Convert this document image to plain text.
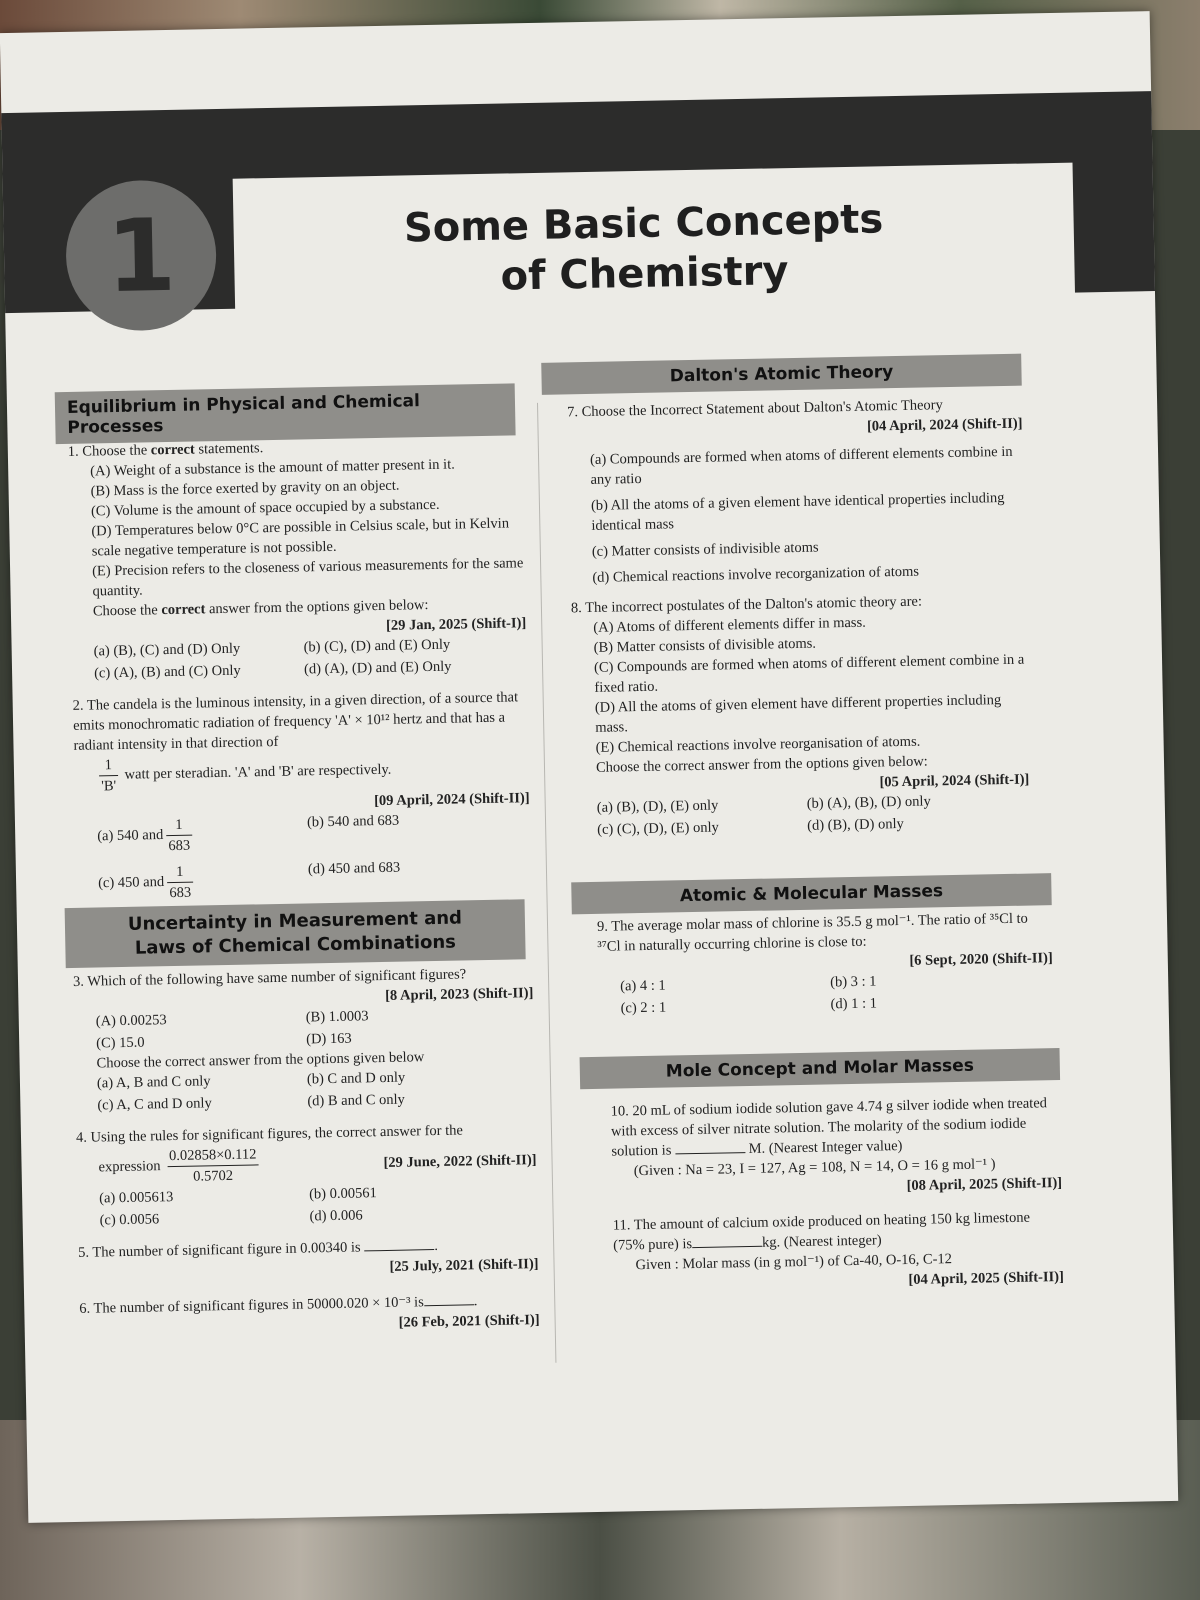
1	Some Basic Concepts
of Chemistry
Equilibrium in Physical and Chemical Processes
1. Choose the correct statements.
(A) Weight of a substance is the amount of matter present in it.
(B) Mass is the force exerted by gravity on an object.
(C) Volume is the amount of space occupied by a substance.
(D) Temperatures below 0°C are possible in Celsius scale, but in Kelvin scale negative temperature is not possible.
(E) Precision refers to the closeness of various measurements for the same quantity.
Choose the correct answer from the options given below:
[29 Jan, 2025 (Shift-I)]
(a) (B), (C) and (D) Only	(b) (C), (D) and (E) Only
(c) (A), (B) and (C) Only	(d) (A), (D) and (E) Only
2. The candela is the luminous intensity, in a given direction, of a source that emits monochromatic radiation of frequency 'A' × 10¹² hertz and that has a radiant intensity in that direction of
$\frac{1}{'B'}$ watt per steradian. 'A' and 'B' are respectively.
[09 April, 2024 (Shift-II)]
(a) 540 and $\frac{1}{683}$	(b) 540 and 683
(c) 450 and $\frac{1}{683}$	(d) 450 and 683
Uncertainty in Measurement and
Laws of Chemical Combinations
3. Which of the following have same number of significant figures?
[8 April, 2023 (Shift-II)]
(A) 0.00253	(B) 1.0003
(C) 15.0	(D) 163
Choose the correct answer from the options given below
(a) A, B and C only	(b) C and D only
(c) A, C and D only	(d) B and C only
4. Using the rules for significant figures, the correct answer for the
expression $\frac{0.02858\times 0.112}{0.5702}$	[29 June, 2022 (Shift-II)]
(a) 0.005613	(b) 0.00561
(c) 0.0056	(d) 0.006
5. The number of significant figure in 0.00340 is	.
[25 July, 2021 (Shift-II)]
6. The number of significant figures in 50000.020 × 10⁻³ is	.
[26 Feb, 2021 (Shift-I)]
Dalton's Atomic Theory
7. Choose the Incorrect Statement about Dalton's Atomic Theory
[04 April, 2024 (Shift-II)]
(a) Compounds are formed when atoms of different elements combine in any ratio
(b) All the atoms of a given element have identical properties including identical mass
(c) Matter consists of indivisible atoms
(d) Chemical reactions involve recorganization of atoms
8. The incorrect postulates of the Dalton's atomic theory are:
(A) Atoms of different elements differ in mass.
(B) Matter consists of divisible atoms.
(C) Compounds are formed when atoms of different element combine in a fixed ratio.
(D) All the atoms of given element have different properties including mass.
(E) Chemical reactions involve reorganisation of atoms.
Choose the correct answer from the options given below:
[05 April, 2024 (Shift-I)]
(a) (B), (D), (E) only	(b) (A), (B), (D) only
(c) (C), (D), (E) only	(d) (B), (D) only
Atomic & Molecular Masses
9. The average molar mass of chlorine is 35.5 g mol⁻¹. The ratio of ³⁵Cl to ³⁷Cl in naturally occurring chlorine is close to:
[6 Sept, 2020 (Shift-II)]
(a) 4 : 1	(b) 3 : 1
(c) 2 : 1	(d) 1 : 1
Mole Concept and Molar Masses
10. 20 mL of sodium iodide solution gave 4.74 g silver iodide when treated with excess of silver nitrate solution. The molarity of the sodium iodide solution is	M. (Nearest Integer value)
(Given : Na = 23, I = 127, Ag = 108, N = 14, O = 16 g mol⁻¹ )
[08 April, 2025 (Shift-II)]
11. The amount of calcium oxide produced on heating 150 kg limestone (75% pure) is	kg. (Nearest integer)
Given : Molar mass (in g mol⁻¹) of Ca-40, O-16, C-12
[04 April, 2025 (Shift-II)]
